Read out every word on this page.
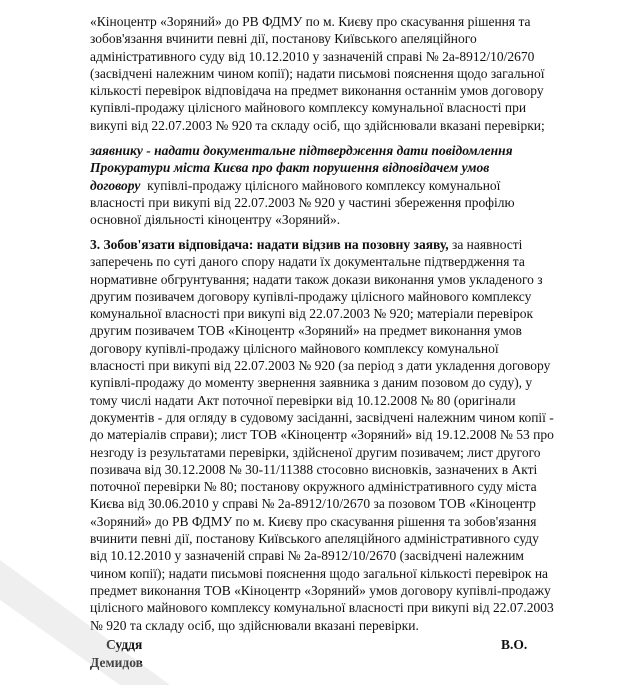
«Кіноцентр «Зоряний» до РВ ФДМУ по м. Києву про скасування рішення та
зобов'язання вчинити певні дії, постанову Київського апеляційного
адміністративного суду від 10.12.2010 у зазначеній справі № 2а-8912/10/2670
(засвідчені належним чином копії); надати письмові пояснення щодо загальної
кількості перевірок відповідача на предмет виконання останнім умов договору
купівлі-продажу цілісного майнового комплексу комунальної власності при
викупі від 22.07.2003 № 920 та складу осіб, що здійснювали вказані перевірки;
заявнику - надати документальне підтвердження дати повідомлення
Прокуратури міста Києва про факт порушення відповідачем умов
договору  купівлі-продажу цілісного майнового комплексу комунальної
власності при викупі від 22.07.2003 № 920 у частині збереження профілю
основної діяльності кіноцентру «Зоряний».
3. Зобов'язати відповідача: надати відзив на позовну заяву, за наявності
заперечень по суті даного спору надати їх документальне підтвердження та
нормативне обгрунтування; надати також докази виконання умов укладеного з
другим позивачем договору купівлі-продажу цілісного майнового комплексу
комунальної власності при викупі від 22.07.2003 № 920; матеріали перевірок
другим позивачем ТОВ «Кіноцентр «Зоряний» на предмет виконання умов
договору купівлі-продажу цілісного майнового комплексу комунальної
власності при викупі від 22.07.2003 № 920 (за період з дати укладення договору
купівлі-продажу до моменту звернення заявника з даним позовом до суду), у
тому числі надати Акт поточної перевірки від 10.12.2008 № 80 (оригінали
документів - для огляду в судовому засіданні, засвідчені належним чином копії -
до матеріалів справи); лист ТОВ «Кіноцентр «Зоряний» від 19.12.2008 № 53 про
незгоду із результатами перевірки, здійсненої другим позивачем; лист другого
позивача від 30.12.2008 № 30-11/11388 стосовно висновків, зазначених в Акті
поточної перевірки № 80; постанову окружного адміністративного суду міста
Києва від 30.06.2010 у справі № 2а-8912/10/2670 за позовом ТОВ «Кіноцентр
«Зоряний» до РВ ФДМУ по м. Києву про скасування рішення та зобов'язання
вчинити певні дії, постанову Київського апеляційного адміністративного суду
від 10.12.2010 у зазначеній справі № 2а-8912/10/2670 (засвідчені належним
чином копії); надати письмові пояснення щодо загальної кількості перевірок на
предмет виконання ТОВ «Кіноцентр «Зоряний» умов договору купівлі-продажу
цілісного майнового комплексу комунальної власності при викупі від 22.07.2003
№ 920 та складу осіб, що здійснювали вказані перевірки.
Суддя	В.О.
Демидов
